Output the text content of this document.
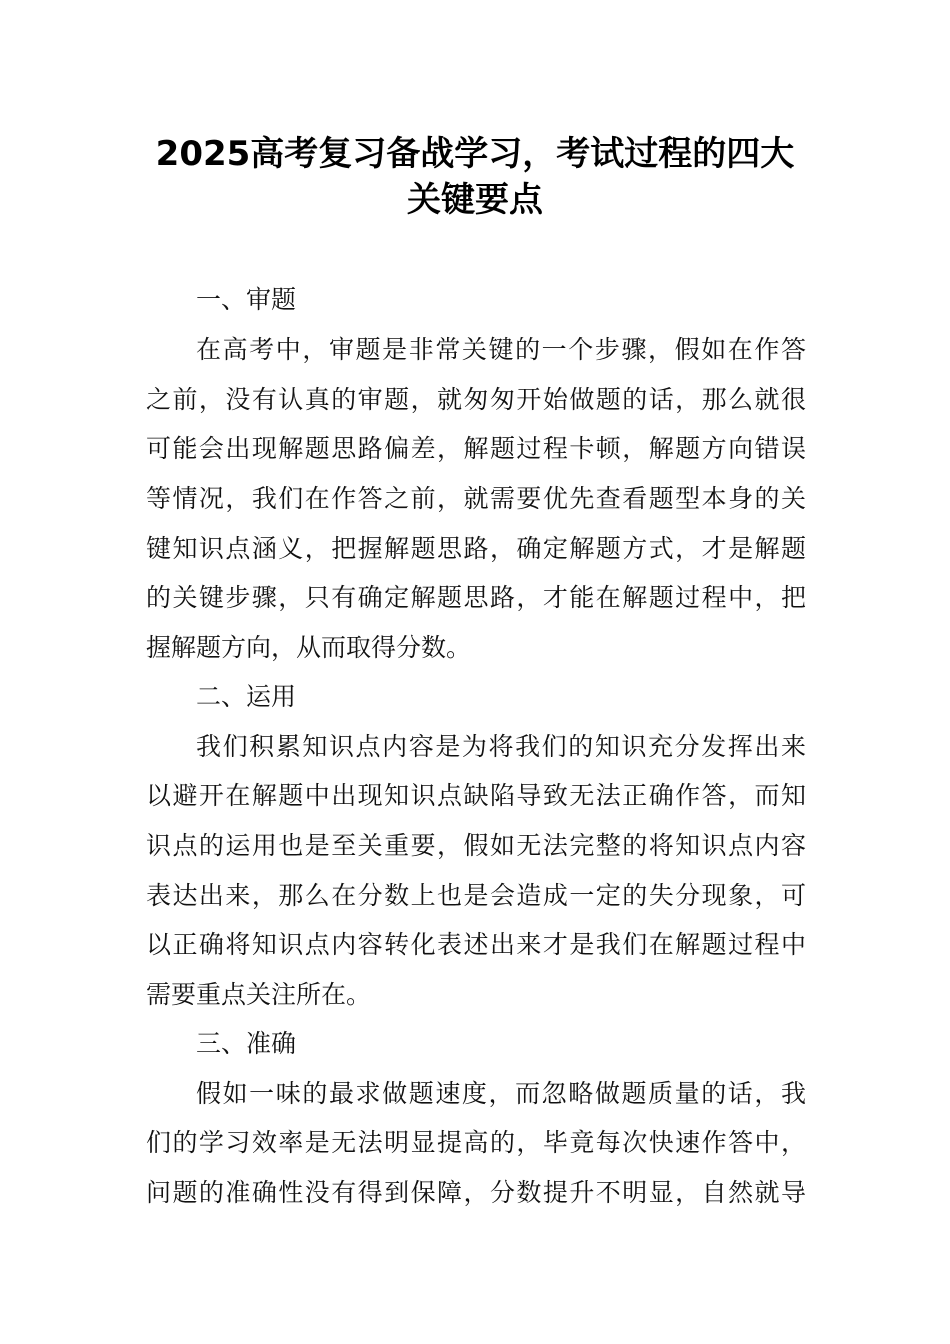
2025高考复习备战学习，考试过程的四大
关键要点

一、审题

在高考中，审题是非常关键的一个步骤，假如在作答

之前，没有认真的审题，就匆匆开始做题的话，那么就很

可能会出现解题思路偏差，解题过程卡顿，解题方向错误

等情况，我们在作答之前，就需要优先查看题型本身的关

键知识点涵义，把握解题思路，确定解题方式，才是解题

的关键步骤，只有确定解题思路，才能在解题过程中，把

握解题方向，从而取得分数。

二、运用

我们积累知识点内容是为将我们的知识充分发挥出来

以避开在解题中出现知识点缺陷导致无法正确作答，而知

识点的运用也是至关重要，假如无法完整的将知识点内容

表达出来，那么在分数上也是会造成一定的失分现象，可

以正确将知识点内容转化表述出来才是我们在解题过程中

需要重点关注所在。

三、准确

假如一味的最求做题速度，而忽略做题质量的话，我

们的学习效率是无法明显提高的，毕竟每次快速作答中，

问题的准确性没有得到保障，分数提升不明显，自然就导
